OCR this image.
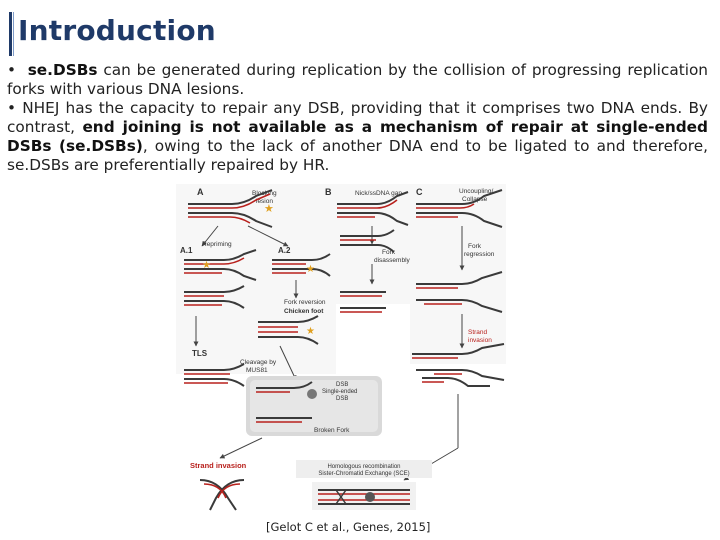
Introduction

• se.DSBs can be generated during replication by the collision of progressing replication forks with various DNA lesions.

• NHEJ has the capacity to repair any DSB, providing that it comprises two DNA ends. By contrast, end joining is not available as a mechanism of repair at single-ended DSBs (se.DSBs), owing to the lack of another DNA end to be ligated to and therefore, se.DSBs are preferentially repaired by HR.

A	B	C
A.1	A.2
Blocking lesion
Nick/ssDNA gap	Uncoupling/ Collapse
★
Repriming
★	★
Fork reversion
Chicken foot
★
Fork disassembly
Fork regression
Strand invasion
TLS
Cleavage by MUS81
DSB Single-ended DSB
Broken Fork
Strand invasion	Homologous recombination Sister-Chromatid Exchange (SCE)
[Gelot C et al., Genes, 2015]
